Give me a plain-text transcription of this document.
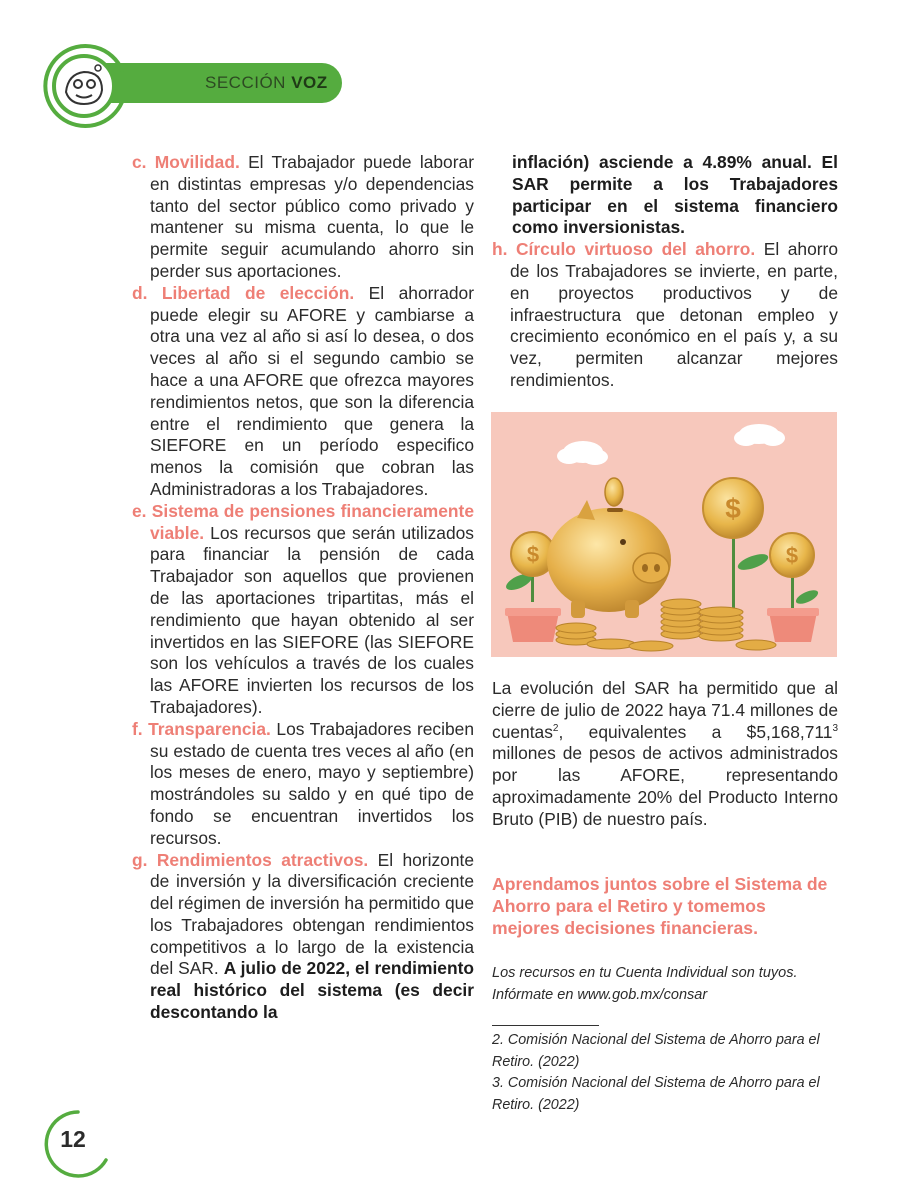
SECCIÓN VOZ

c. Movilidad. El Trabajador puede laborar en distintas empresas y/o dependencias tanto del sector público como privado y mantener su misma cuenta, lo que le permite seguir acumulando ahorro sin perder sus aportaciones.

d. Libertad de elección. El ahorrador puede elegir su AFORE y cambiarse a otra una vez al año si así lo desea, o dos veces al año si el segundo cambio se hace a una AFORE que ofrezca mayores rendimientos netos, que son la diferencia entre el rendimiento que genera la SIEFORE en un período especifico menos la comisión que cobran las Administradoras a los Trabajadores.

e. Sistema de pensiones financieramente viable. Los recursos que serán utilizados para financiar la pensión de cada Trabajador son aquellos que provienen de las aportaciones tripartitas, más el rendimiento que hayan obtenido al ser invertidos en las SIEFORE (las SIEFORE son los vehículos a través de los cuales las AFORE invierten los recursos de los Trabajadores).

f. Transparencia. Los Trabajadores reciben su estado de cuenta tres veces al año (en los meses de enero, mayo y septiembre) mostrándoles su saldo y en qué tipo de fondo se encuentran invertidos los recursos.

g. Rendimientos atractivos. El horizonte de inversión y la diversificación creciente del régimen de inversión ha permitido que los Trabajadores obtengan rendimientos competitivos a lo largo de la existencia del SAR. A julio de 2022, el rendimiento real histórico del sistema (es decir descontando la

inflación) asciende a 4.89% anual. El SAR permite a los Trabajadores participar en el sistema financiero como inversionistas.

h. Círculo virtuoso del ahorro. El ahorro de los Trabajadores se invierte, en parte, en proyectos productivos y de infraestructura que detonan empleo y crecimiento económico en el país y, a su vez, permiten alcanzar mejores rendimientos.

$
$
$

La evolución del SAR ha permitido que al cierre de julio de 2022 haya 71.4 millones de cuentas$^2$, equivalentes a $5,168,711$^3$ millones de pesos de activos administrados por las AFORE, representando aproximadamente 20% del Producto Interno Bruto (PIB) de nuestro país.

Aprendamos juntos sobre el Sistema de Ahorro para el Retiro y tomemos mejores decisiones financieras.
Los recursos en tu Cuenta Individual son tuyos.
Infórmate en www.gob.mx/consar

2. Comisión Nacional del Sistema de Ahorro para el Retiro. (2022)

3. Comisión Nacional del Sistema de Ahorro para el Retiro. (2022)

12
